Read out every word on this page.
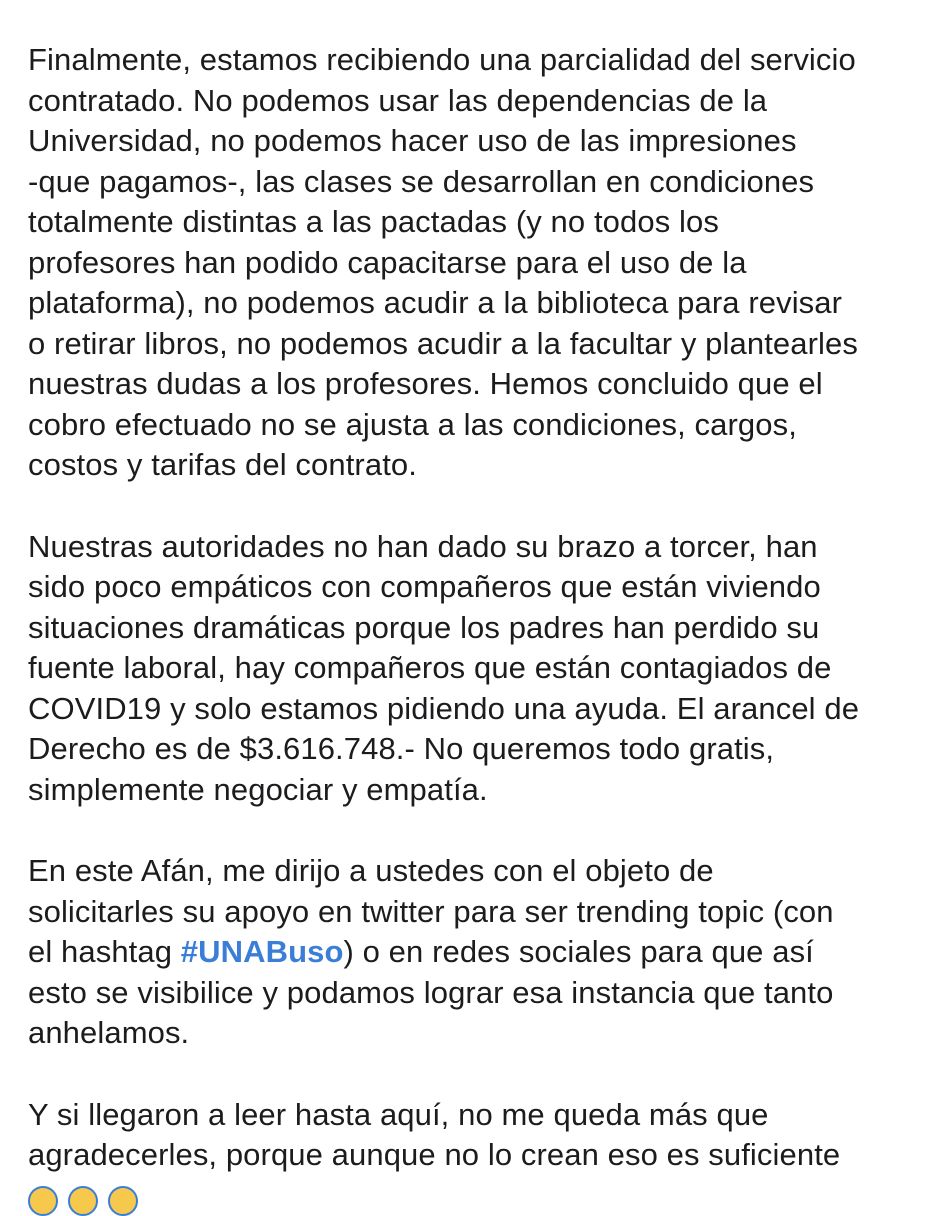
Finalmente, estamos recibiendo una parcialidad del servicio
contratado. No podemos usar las dependencias de la
Universidad, no podemos hacer uso de las impresiones
-que pagamos-, las clases se desarrollan en condiciones
totalmente distintas a las pactadas (y no todos los
profesores han podido capacitarse para el uso de la
plataforma), no podemos acudir a la biblioteca para revisar
o retirar libros, no podemos acudir a la facultar y plantearles
nuestras dudas a los profesores. Hemos concluido que el
cobro efectuado no se ajusta a las condiciones, cargos,
costos y tarifas del contrato.
Nuestras autoridades no han dado su brazo a torcer, han
sido poco empáticos con compañeros que están viviendo
situaciones dramáticas porque los padres han perdido su
fuente laboral, hay compañeros que están contagiados de
COVID19 y solo estamos pidiendo una ayuda. El arancel de
Derecho es de $3.616.748.- No queremos todo gratis,
simplemente negociar y empatía.
En este Afán, me dirijo a ustedes con el objeto de
solicitarles su apoyo en twitter para ser trending topic (con
el hashtag #UNABuso) o en redes sociales para que así
esto se visibilice y podamos lograr esa instancia que tanto
anhelamos.
Y si llegaron a leer hasta aquí, no me queda más que
agradecerles, porque aunque no lo crean eso es suficiente
